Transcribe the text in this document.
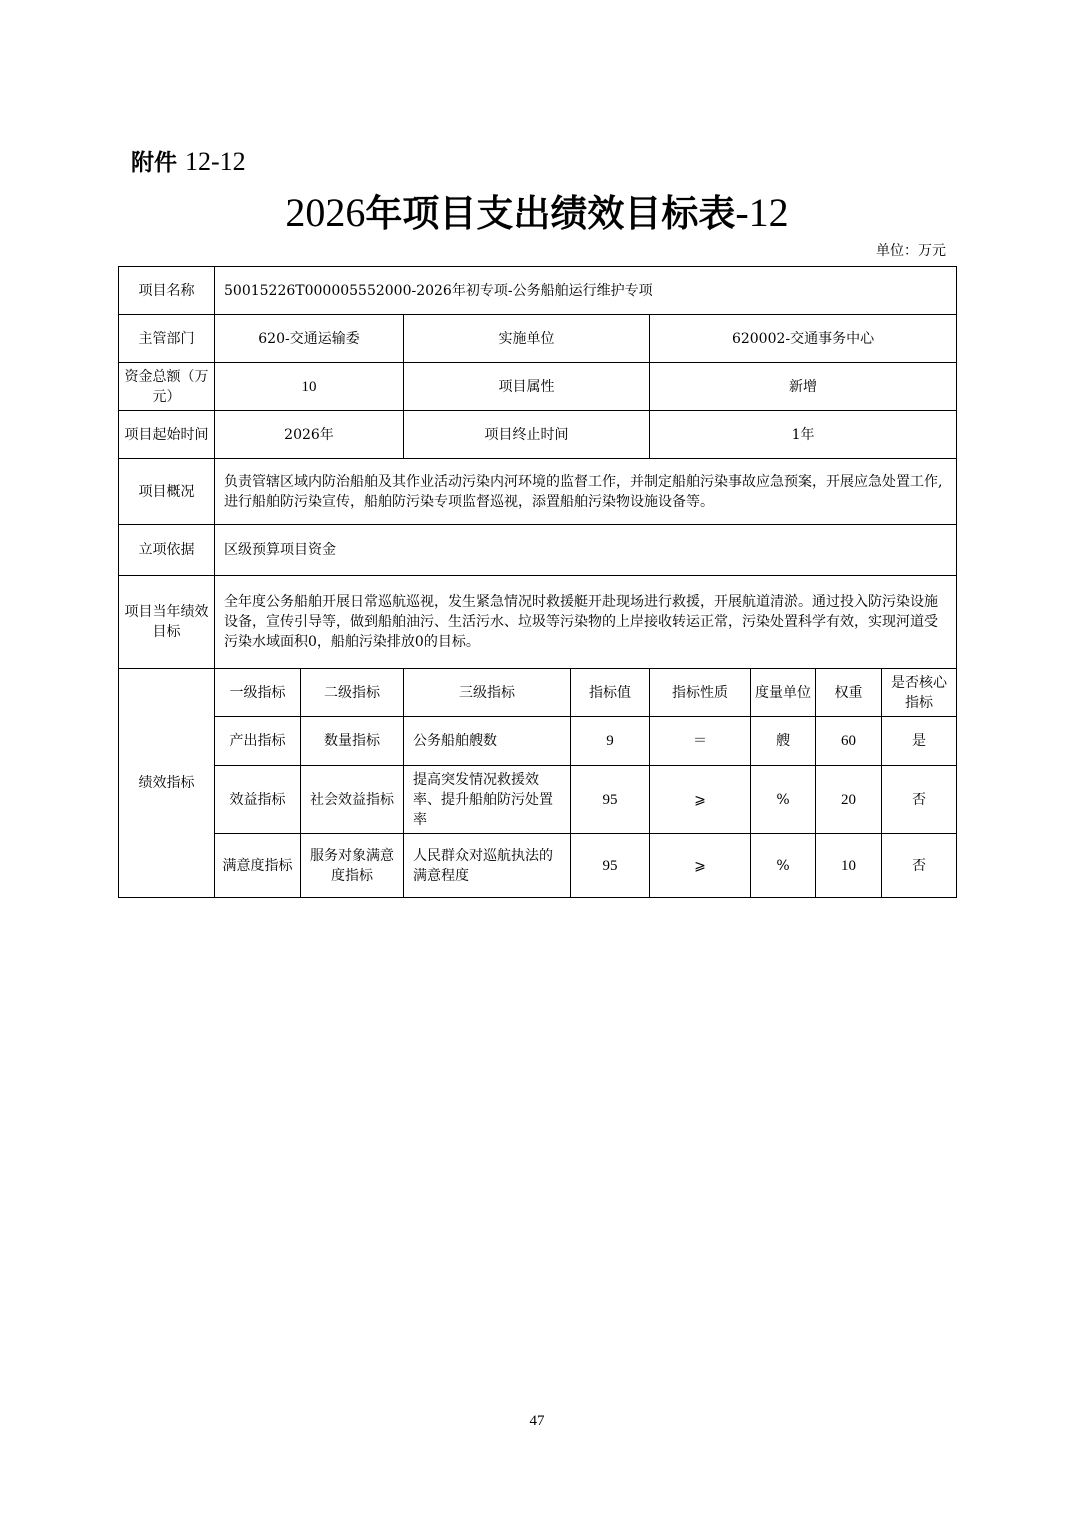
附件 12-12
2026年项目支出绩效目标表-12
单位：万元
项目名称	50015226T000005552000-2026年初专项-公务船舶运行维护专项							
主管部门	620-交通运输委		实施单位		620002-交通事务中心			
资金总额（万元）	10		项目属性		新增			
项目起始时间	2026年		项目终止时间		1年			
项目概况	负责管辖区域内防治船舶及其作业活动污染内河环境的监督工作，并制定船舶污染事故应急预案，开展应急处置工作,进行船舶防污染宣传，船舶防污染专项监督巡视，添置船舶污染物设施设备等。							
立项依据	区级预算项目资金							
项目当年绩效目标	全年度公务船舶开展日常巡航巡视，发生紧急情况时救援艇开赴现场进行救援，开展航道清淤。通过投入防污染设施设备，宣传引导等，做到船舶油污、生活污水、垃圾等污染物的上岸接收转运正常，污染处置科学有效，实现河道受污染水域面积0，船舶污染排放0的目标。							
绩效指标	一级指标	二级指标	三级指标	指标值	指标性质	度量单位	权重	是否核心指标
	产出指标	数量指标	公务船舶艘数	9	＝	艘	60	是
	效益指标	社会效益指标	提高突发情况救援效率、提升船舶防污处置率	95	⩾	%	20	否
	满意度指标	服务对象满意度指标	人民群众对巡航执法的满意程度	95	⩾	%	10	否
47
